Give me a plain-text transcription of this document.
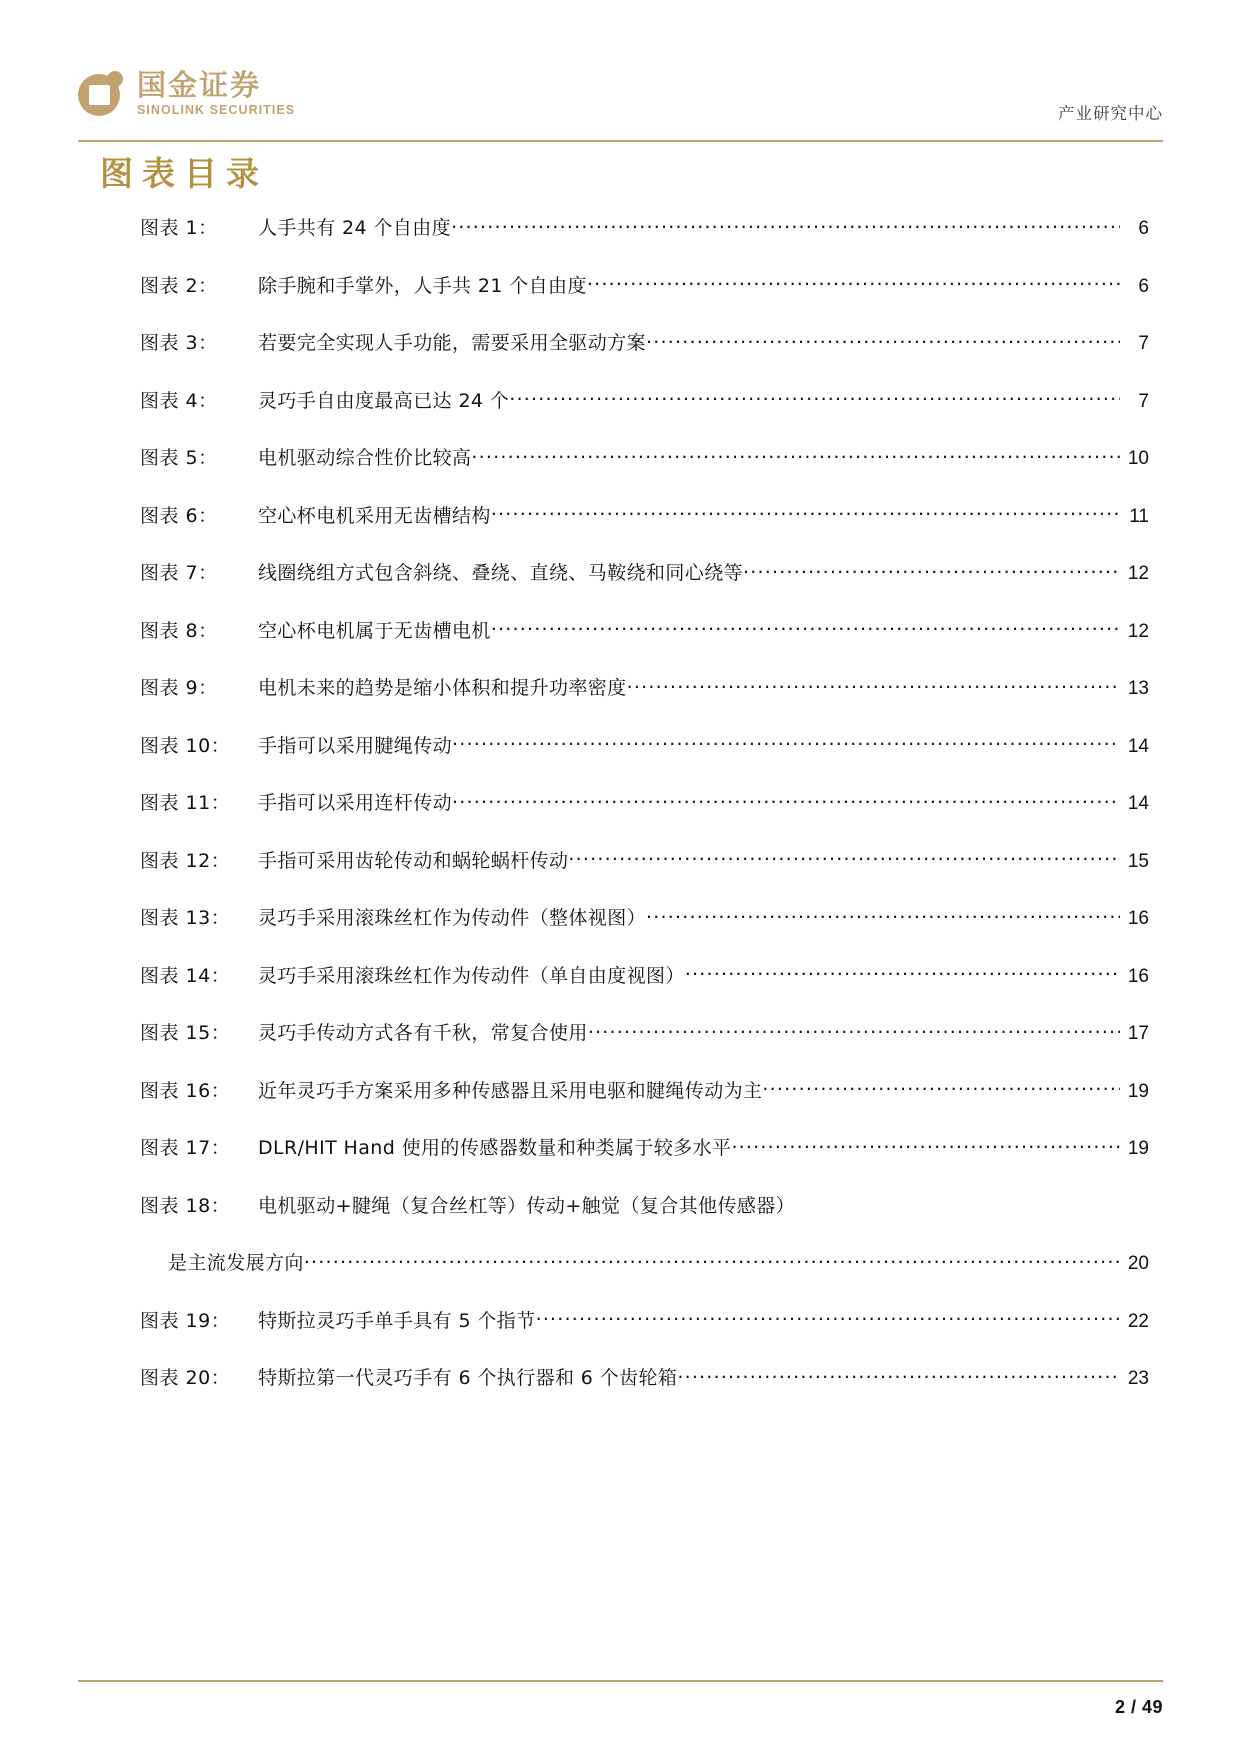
国金证券
SINOLINK SECURITIES	产业研究中心
图表目录
图表 1：	人手共有 24 个自由度 .....	6
图表 2：	除手腕和手掌外，人手共 21 个自由度 .....	6
图表 3：	若要完全实现人手功能，需要采用全驱动方案 .....	7
图表 4：	灵巧手自由度最高已达 24 个 .....	7
图表 5：	电机驱动综合性价比较高 .....	10
图表 6：	空心杯电机采用无齿槽结构 .....	11
图表 7：	线圈绕组方式包含斜绕、叠绕、直绕、马鞍绕和同心绕等 .....	12
图表 8：	空心杯电机属于无齿槽电机 .....	12
图表 9：	电机未来的趋势是缩小体积和提升功率密度 .....	13
图表 10：	手指可以采用腱绳传动 .....	14
图表 11：	手指可以采用连杆传动 .....	14
图表 12：	手指可采用齿轮传动和蜗轮蜗杆传动 .....	15
图表 13：	灵巧手采用滚珠丝杠作为传动件（整体视图） .....	16
图表 14：	灵巧手采用滚珠丝杠作为传动件（单自由度视图） .....	16
图表 15：	灵巧手传动方式各有千秋，常复合使用 .....	17
图表 16：	近年灵巧手方案采用多种传感器且采用电驱和腱绳传动为主 .....	19
图表 17：	DLR/HIT Hand 使用的传感器数量和种类属于较多水平 .....	19
图表 18：	电机驱动+腱绳（复合丝杠等）传动+触觉（复合其他传感器）
是主流发展方向 .....	20
图表 19：	特斯拉灵巧手单手具有 5 个指节 .....	22
图表 20：	特斯拉第一代灵巧手有 6 个执行器和 6 个齿轮箱 .....	23
2 / 49
